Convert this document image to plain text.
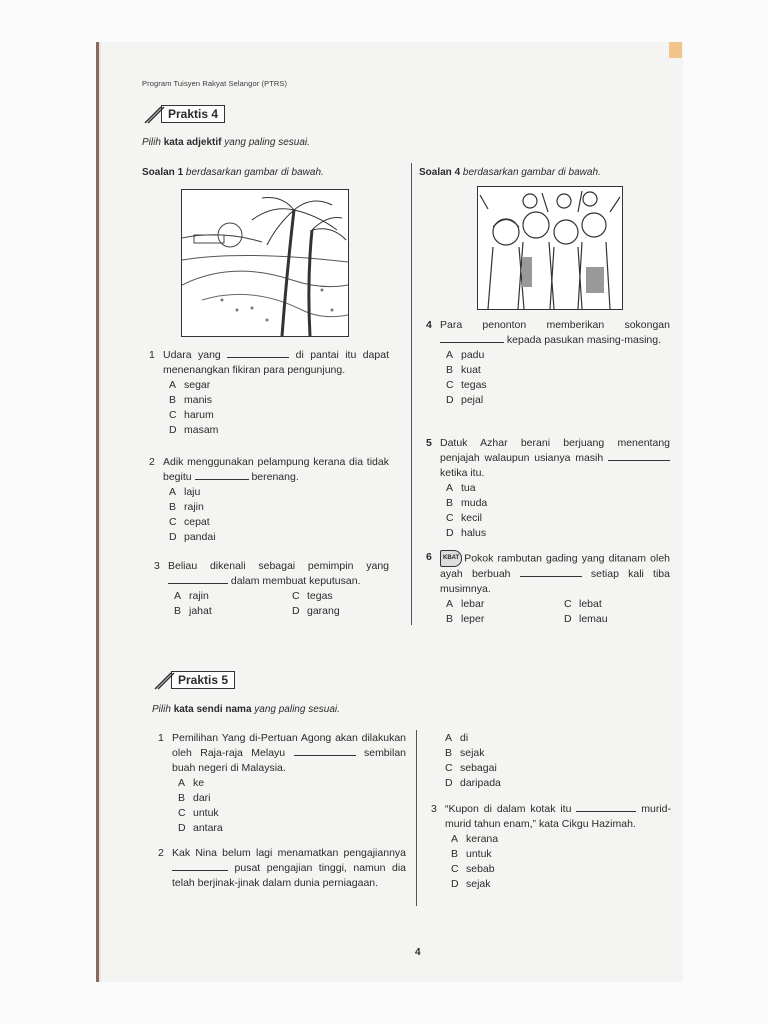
Program Tuisyen Rakyat Selangor (PTRS)
Praktis 4
Pilih kata adjektif yang paling sesuai.
Soalan 1 berdasarkan gambar di bawah.	Soalan 4 berdasarkan gambar di bawah.
1 Udara yang	di pantai itu dapat menenangkan fikiran para pengunjung.
A segar
B manis
C harum
D masam
2 Adik menggunakan pelampung kerana dia tidak begitu	berenang.
A laju
B rajin
C cepat
D pandai
3 Beliau dikenali sebagai pemimpin yang  dalam membuat keputusan.
A rajin	C tegas
B jahat	D garang
4 Para penonton memberikan sokongan  kepada pasukan masing-masing.
A padu
B kuat
C tegas
D pejal
5 Datuk Azhar berani berjuang menentang penjajah walaupun usianya masih  ketika itu.
A tua
B muda
C kecil
D halus
6	KBAT Pokok rambutan gading yang ditanam oleh ayah berbuah	setiap kali tiba musimnya.
A lebar	C lebat
B leper	D lemau
Praktis 5
Pilih kata sendi nama yang paling sesuai.
1 Pemilihan Yang di-Pertuan Agong akan dilakukan oleh Raja-raja Melayu	sembilan buah negeri di Malaysia.
A ke
B dari
C untuk
D antara
2 Kak Nina belum lagi menamatkan pengajiannya  pusat pengajian tinggi, namun dia telah berjinak-jinak dalam dunia perniagaan.
A di
B sejak
C sebagai
D daripada
3 “Kupon di dalam kotak itu	murid-murid tahun enam,” kata Cikgu Hazimah.
A kerana
B untuk
C sebab
D sejak
4
